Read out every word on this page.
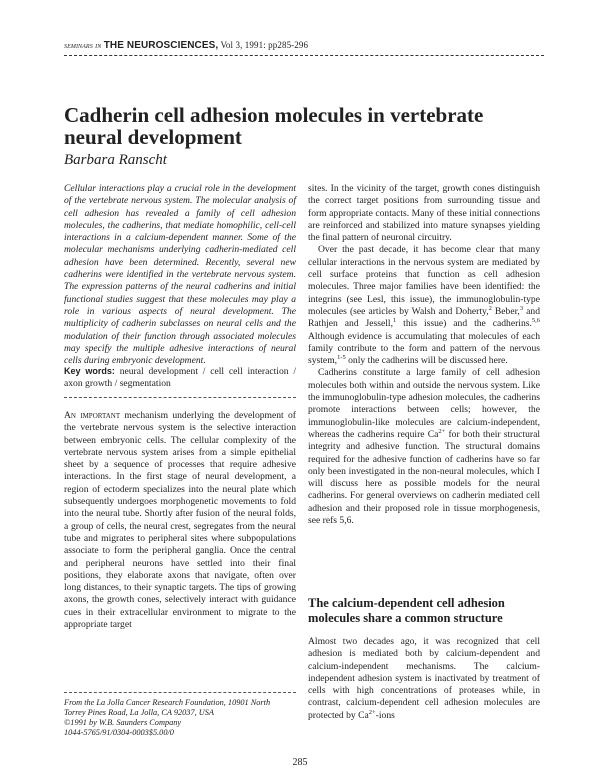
seminars in THE NEUROSCIENCES, Vol 3, 1991: pp285-296
Cadherin cell adhesion molecules in vertebrate neural development
Barbara Ranscht

Cellular interactions play a crucial role in the development of the vertebrate nervous system. The molecular analysis of cell adhesion has revealed a family of cell adhesion molecules, the cadherins, that mediate homophilic, cell-cell interactions in a calcium-dependent manner. Some of the molecular mechanisms underlying cadherin-mediated cell adhesion have been determined. Recently, several new cadherins were identified in the vertebrate nervous system. The expression patterns of the neural cadherins and initial functional studies suggest that these molecules may play a role in various aspects of neural development. The multiplicity of cadherin subclasses on neural cells and the modulation of their function through associated molecules may specify the multiple adhesive interactions of neural cells during embryonic development.

Key words: neural development / cell cell interaction / axon growth / segmentation

An important mechanism underlying the development of the vertebrate nervous system is the selective interaction between embryonic cells. The cellular complexity of the vertebrate nervous system arises from a simple epithelial sheet by a sequence of processes that require adhesive interactions. In the first stage of neural development, a region of ectoderm specializes into the neural plate which subsequently undergoes morphogenetic movements to fold into the neural tube. Shortly after fusion of the neural folds, a group of cells, the neural crest, segregates from the neural tube and migrates to peripheral sites where subpopulations associate to form the peripheral ganglia. Once the central and peripheral neurons have settled into their final positions, they elaborate axons that navigate, often over long distances, to their synaptic targets. The tips of growing axons, the growth cones, selectively interact with guidance cues in their extracellular environment to migrate to the appropriate target

From the La Jolla Cancer Research Foundation, 10901 North
Torrey Pines Road, La Jolla, CA 92037, USA
©1991 by W.B. Saunders Company
1044-5765/91/0304-0003$5.00/0

sites. In the vicinity of the target, growth cones distinguish the correct target positions from surrounding tissue and form appropriate contacts. Many of these initial connections are reinforced and stabilized into mature synapses yielding the final pattern of neuronal circuitry.

Over the past decade, it has become clear that many cellular interactions in the nervous system are mediated by cell surface proteins that function as cell adhesion molecules. Three major families have been identified: the integrins (see Lesl, this issue), the immunoglobulin-type molecules (see articles by Walsh and Doherty,$^2$ Beber,$^3$ and Rathjen and Jessell,$^1$ this issue) and the cadherins.$^{5,6}$ Although evidence is accumulating that molecules of each family contribute to the form and pattern of the nervous system,$^{1-5}$ only the cadherins will be discussed here.

Cadherins constitute a large family of cell adhesion molecules both within and outside the nervous system. Like the immunoglobulin-type adhesion molecules, the cadherins promote interactions between cells; however, the immunoglobulin-like molecules are calcium-independent, whereas the cadherins require $Ca^{2+}$ for both their structural integrity and adhesive function. The structural domains required for the adhesive function of cadherins have so far only been investigated in the non-neural molecules, which I will discuss here as possible models for the neural cadherins. For general overviews on cadherin mediated cell adhesion and their proposed role in tissue morphogenesis, see refs 5,6.

The calcium-dependent cell adhesion molecules share a common structure

Almost two decades ago, it was recognized that cell adhesion is mediated both by calcium-dependent and calcium-independent mechanisms. The calcium-independent adhesion system is inactivated by treatment of cells with high concentrations of proteases while, in contrast, calcium-dependent cell adhesion molecules are protected by $Ca^{2+}$-ions

285
